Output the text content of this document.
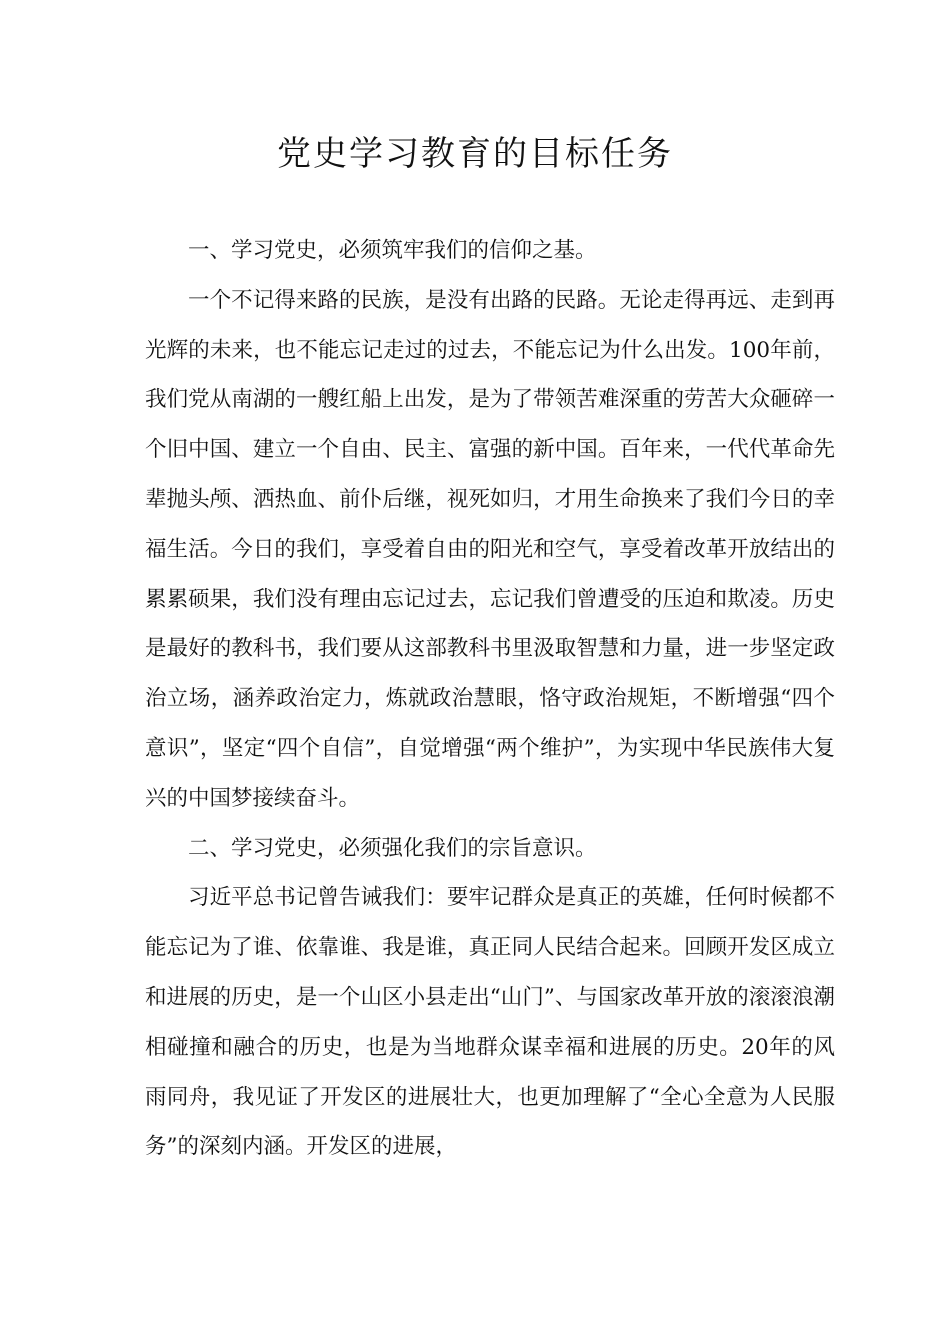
党史学习教育的目标任务

一、学习党史，必须筑牢我们的信仰之基。

一个不记得来路的民族，是没有出路的民路。无论走得再远、走到再光辉的未来，也不能忘记走过的过去，不能忘记为什么出发。100年前，我们党从南湖的一艘红船上出发，是为了带领苦难深重的劳苦大众砸碎一个旧中国、建立一个自由、民主、富强的新中国。百年来，一代代革命先辈抛头颅、洒热血、前仆后继，视死如归，才用生命换来了我们今日的幸福生活。今日的我们，享受着自由的阳光和空气，享受着改革开放结出的累累硕果，我们没有理由忘记过去，忘记我们曾遭受的压迫和欺凌。历史是最好的教科书，我们要从这部教科书里汲取智慧和力量，进一步坚定政治立场，涵养政治定力，炼就政治慧眼，恪守政治规矩，不断增强“四个意识”，坚定“四个自信”，自觉增强“两个维护”，为实现中华民族伟大复兴的中国梦接续奋斗。

二、学习党史，必须强化我们的宗旨意识。

习近平总书记曾告诫我们：要牢记群众是真正的英雄，任何时候都不能忘记为了谁、依靠谁、我是谁，真正同人民结合起来。回顾开发区成立和进展的历史，是一个山区小县走出“山门”、与国家改革开放的滚滚浪潮相碰撞和融合的历史，也是为当地群众谋幸福和进展的历史。20年的风雨同舟，我见证了开发区的进展壮大，也更加理解了“全心全意为人民服务”的深刻内涵。开发区的进展，
